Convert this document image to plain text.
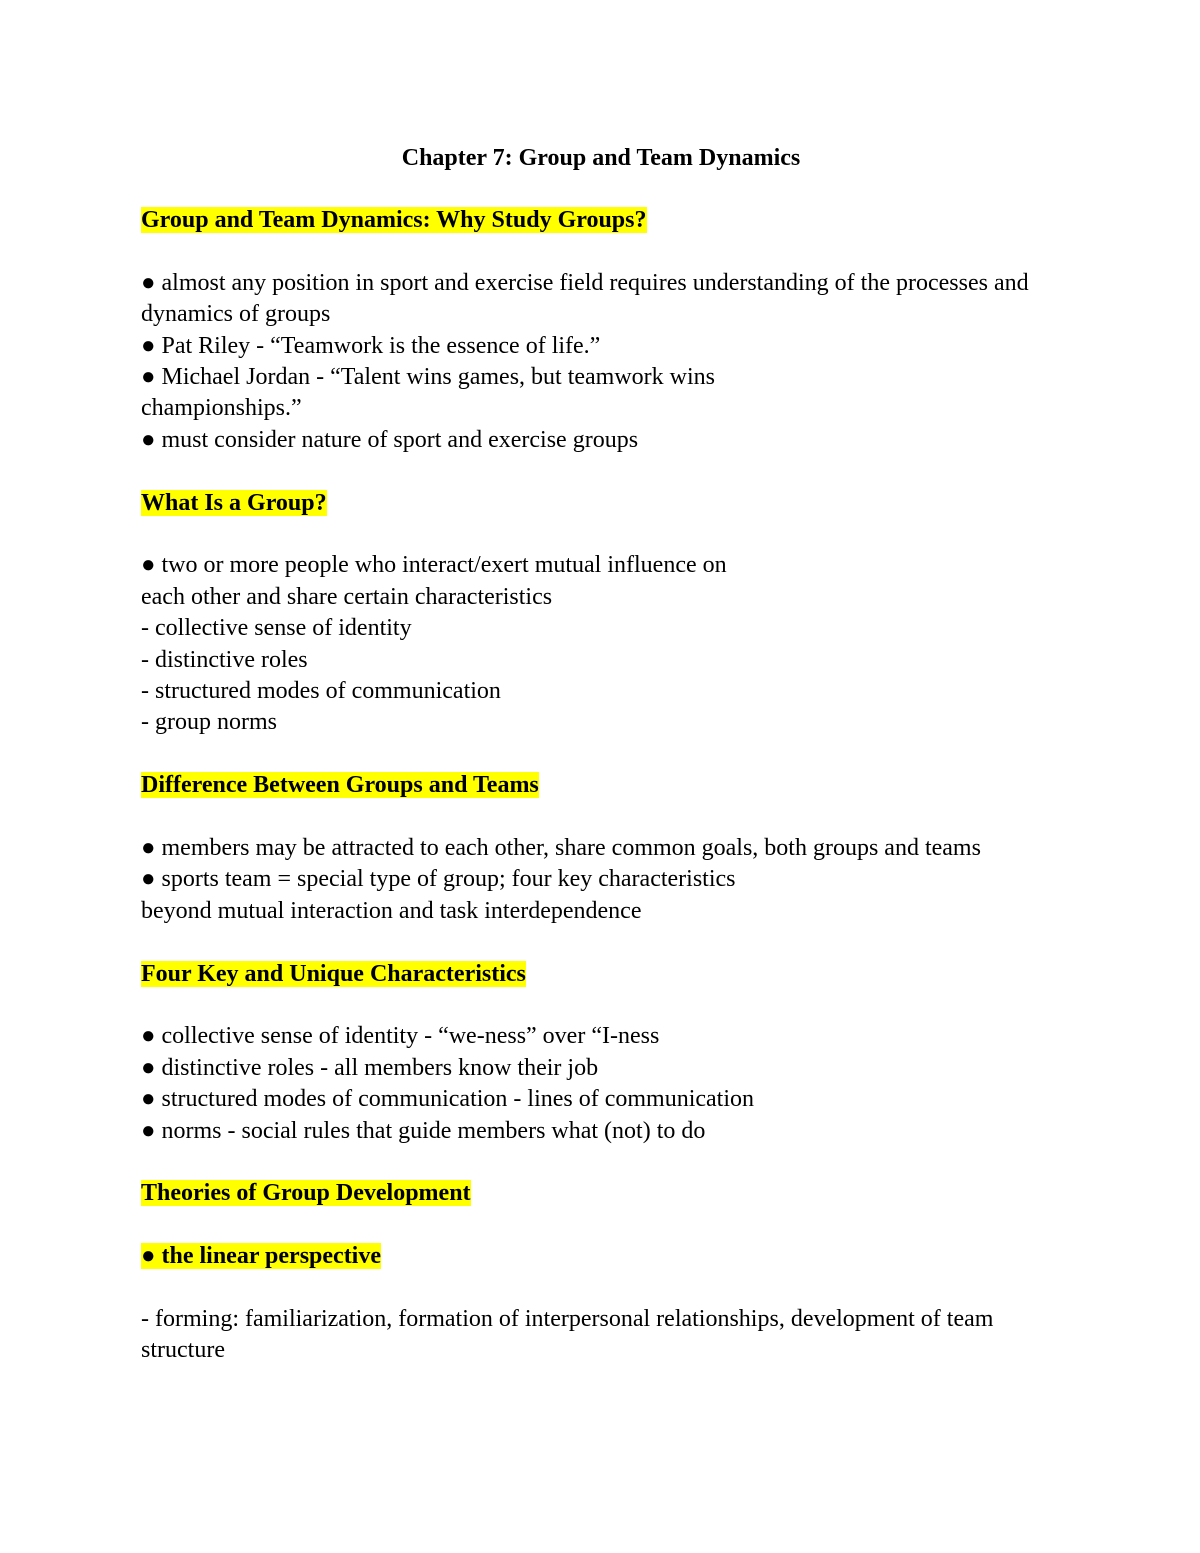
Chapter 7: Group and Team Dynamics

Group and Team Dynamics: Why Study Groups?

● almost any position in sport and exercise field requires understanding of the processes and dynamics of groups

● Pat Riley - “Teamwork is the essence of life.”

● Michael Jordan - “Talent wins games, but teamwork wins

championships.”

● must consider nature of sport and exercise groups

What Is a Group?

● two or more people who interact/exert mutual influence on

each other and share certain characteristics

- collective sense of identity

- distinctive roles

- structured modes of communication

- group norms

Difference Between Groups and Teams

● members may be attracted to each other, share common goals, both groups and teams

● sports team = special type of group; four key characteristics

beyond mutual interaction and task interdependence

Four Key and Unique Characteristics

● collective sense of identity - “we-ness” over “I-ness

● distinctive roles - all members know their job

● structured modes of communication - lines of communication

● norms - social rules that guide members what (not) to do

Theories of Group Development

● the linear perspective

- forming: familiarization, formation of interpersonal relationships, development of team structure
